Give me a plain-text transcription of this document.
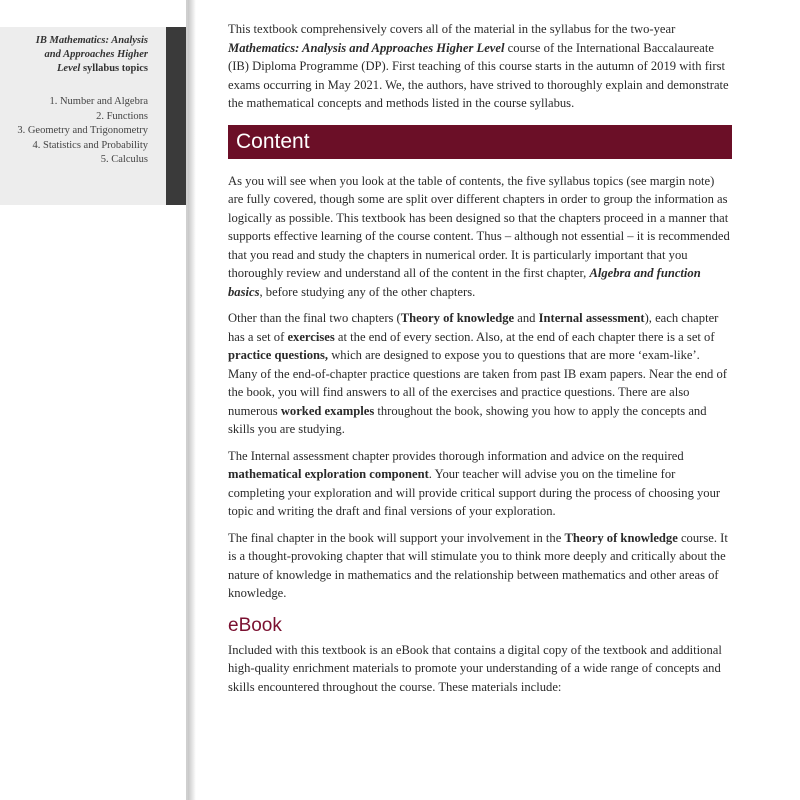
IB Mathematics: Analysis and Approaches Higher Level syllabus topics
1. Number and Algebra
2. Functions
3. Geometry and Trigonometry
4. Statistics and Probability
5. Calculus

This textbook comprehensively covers all of the material in the syllabus for the two-year Mathematics: Analysis and Approaches Higher Level course of the International Baccalaureate (IB) Diploma Programme (DP). First teaching of this course starts in the autumn of 2019 with first exams occurring in May 2021. We, the authors, have strived to thoroughly explain and demonstrate the mathematical concepts and methods listed in the course syllabus.

Content

As you will see when you look at the table of contents, the five syllabus topics (see margin note) are fully covered, though some are split over different chapters in order to group the information as logically as possible. This textbook has been designed so that the chapters proceed in a manner that supports effective learning of the course content. Thus – although not essential – it is recommended that you read and study the chapters in numerical order. It is particularly important that you thoroughly review and understand all of the content in the first chapter, Algebra and function basics, before studying any of the other chapters.

Other than the final two chapters (Theory of knowledge and Internal assessment), each chapter has a set of exercises at the end of every section. Also, at the end of each chapter there is a set of practice questions, which are designed to expose you to questions that are more ‘exam-like’. Many of the end-of-chapter practice questions are taken from past IB exam papers. Near the end of the book, you will find answers to all of the exercises and practice questions. There are also numerous worked examples throughout the book, showing you how to apply the concepts and skills you are studying.

The Internal assessment chapter provides thorough information and advice on the required mathematical exploration component. Your teacher will advise you on the timeline for completing your exploration and will provide critical support during the process of choosing your topic and writing the draft and final versions of your exploration.

The final chapter in the book will support your involvement in the Theory of knowledge course. It is a thought-provoking chapter that will stimulate you to think more deeply and critically about the nature of knowledge in mathematics and the relationship between mathematics and other areas of knowledge.

eBook

Included with this textbook is an eBook that contains a digital copy of the textbook and additional high-quality enrichment materials to promote your understanding of a wide range of concepts and skills encountered throughout the course. These materials include:
